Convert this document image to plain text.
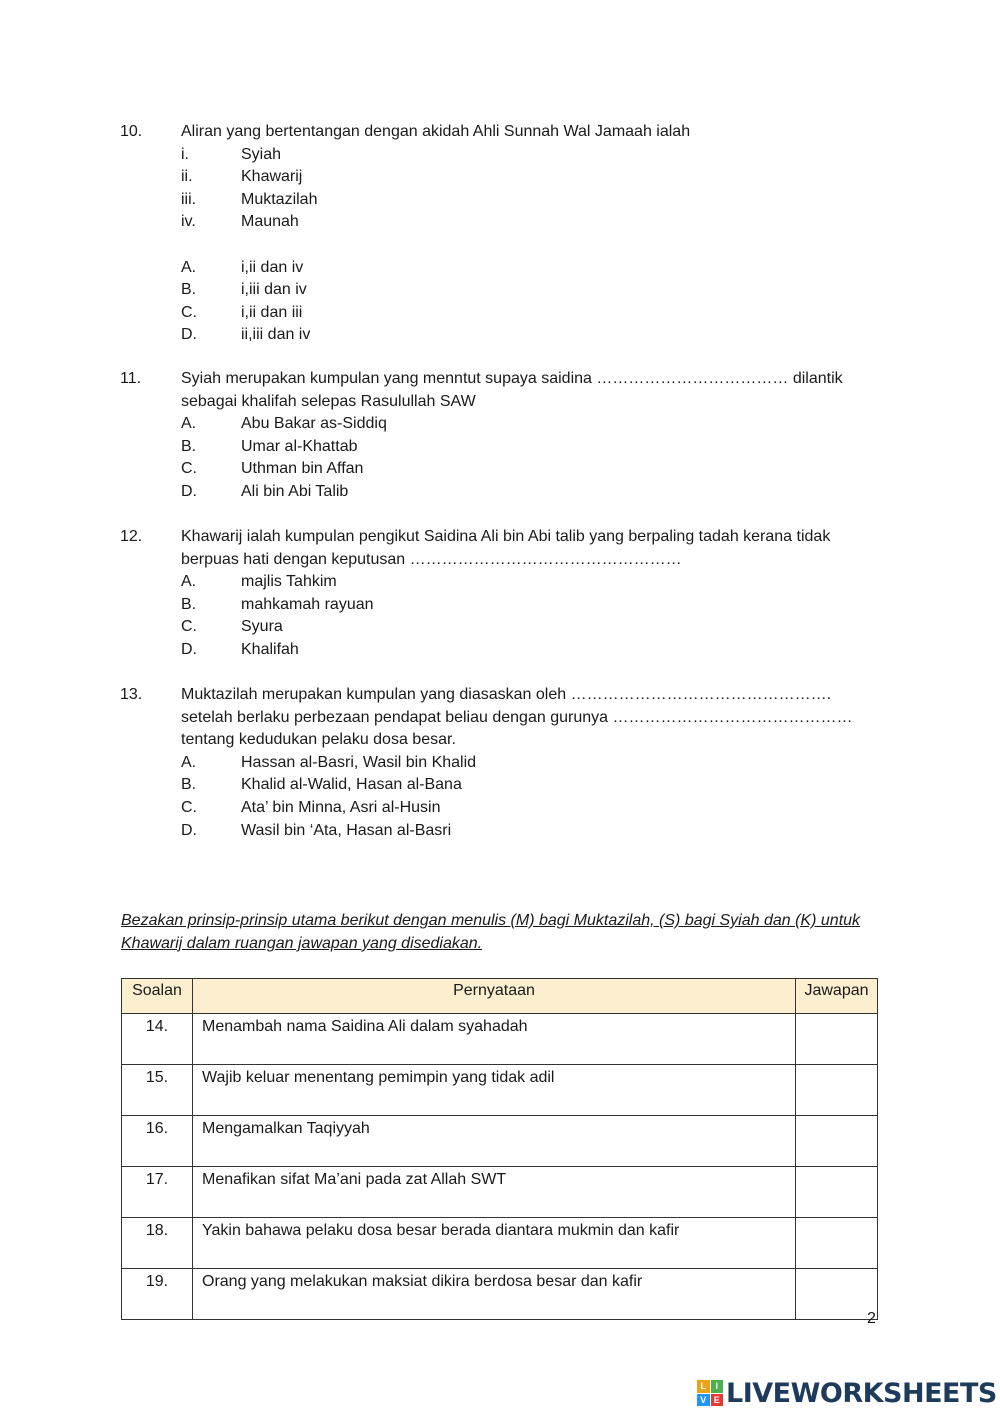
10. Aliran yang bertentangan dengan akidah Ahli Sunnah Wal Jamaah ialah
i.	Syiah
ii.	Khawarij
iii.	Muktazilah
iv.	Maunah
A.	i,ii dan iv
B.	i,iii dan iv
C.	i,ii dan iii
D.	ii,iii dan iv
11. Syiah merupakan kumpulan yang menntut supaya saidina ……………………………… dilantik sebagai khalifah selepas Rasulullah SAW
A.	Abu Bakar as-Siddiq
B.	Umar al-Khattab
C.	Uthman bin Affan
D.	Ali bin Abi Talib
12. Khawarij ialah kumpulan pengikut Saidina Ali bin Abi talib yang berpaling tadah kerana tidak berpuas hati dengan keputusan ……………………………………………
A.	majlis Tahkim
B.	mahkamah rayuan
C.	Syura
D.	Khalifah
13. Muktazilah merupakan kumpulan yang diasaskan oleh …………………………………………. setelah berlaku perbezaan pendapat beliau dengan gurunya ……………………………………… tentang kedudukan pelaku dosa besar.
A.	Hassan al-Basri, Wasil bin Khalid
B.	Khalid al-Walid, Hasan al-Bana
C.	Ata’ bin Minna, Asri al-Husin
D.	Wasil bin ‘Ata, Hasan al-Basri
Bezakan prinsip-prinsip utama berikut dengan menulis (M) bagi Muktazilah, (S) bagi Syiah dan (K) untuk Khawarij dalam ruangan jawapan yang disediakan.
Soalan	Pernyataan	Jawapan
14.	Menambah nama Saidina Ali dalam syahadah	
15.	Wajib keluar menentang pemimpin yang tidak adil	
16.	Mengamalkan Taqiyyah	
17.	Menafikan sifat Ma’ani pada zat Allah SWT	
18.	Yakin bahawa pelaku dosa besar berada diantara mukmin dan kafir	
19.	Orang yang melakukan maksiat dikira berdosa besar dan kafir	
2
L	I
V E LIVEWORKSHEETS
